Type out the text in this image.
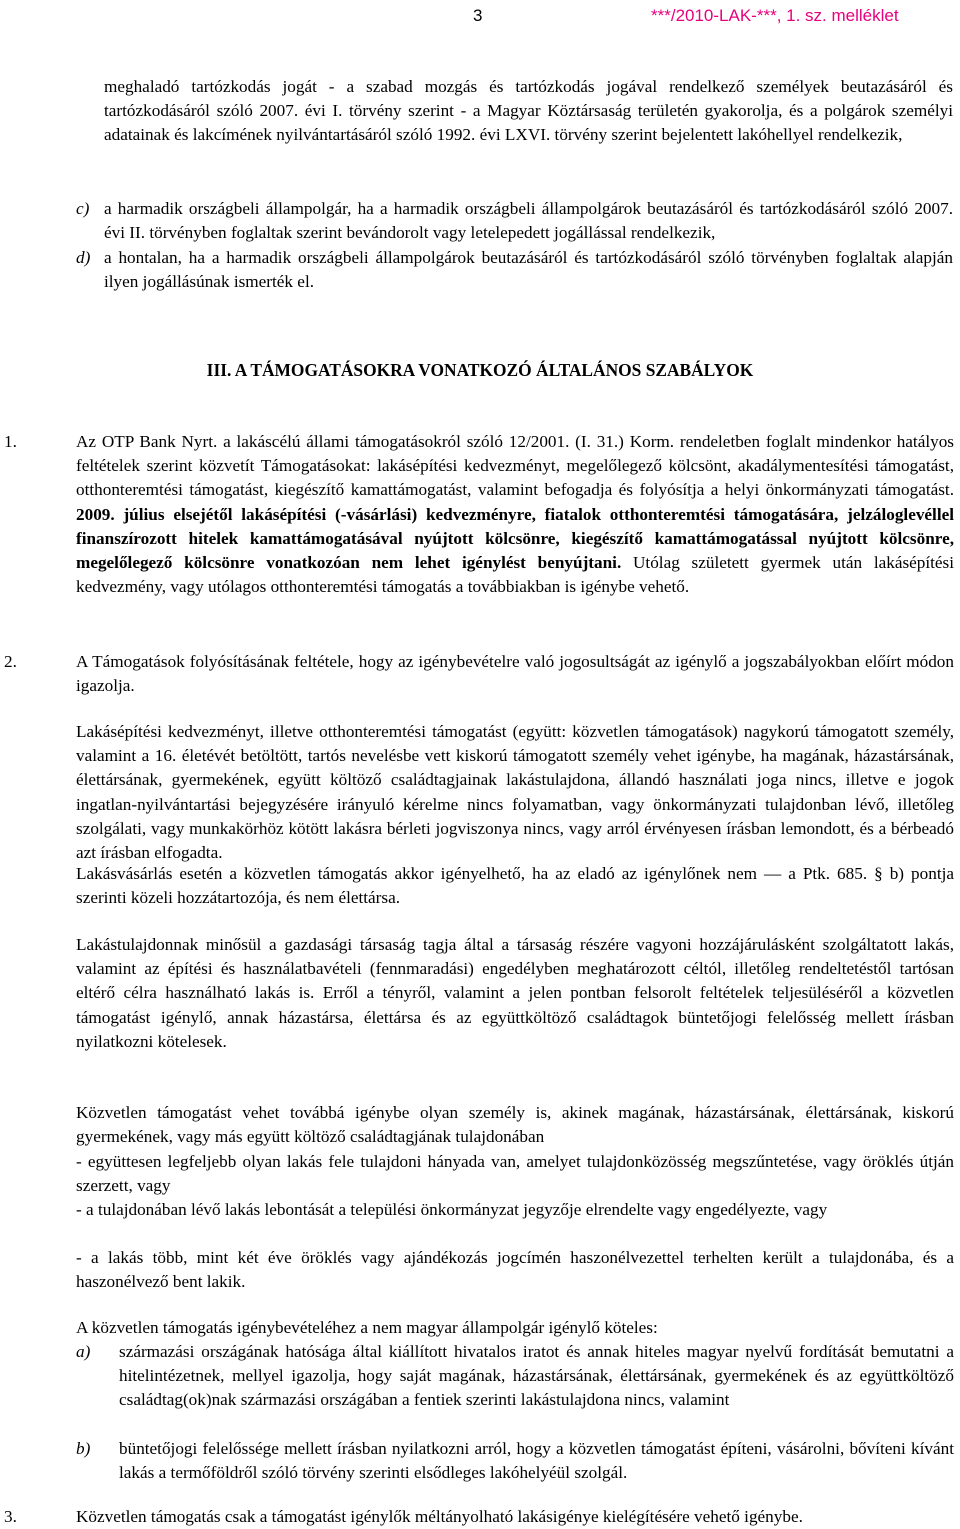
3	***/2010-LAK-***, 1. sz. melléklet
meghaladó tartózkodás jogát - a szabad mozgás és tartózkodás jogával rendelkező személyek beutazásáról és tartózkodásáról szóló 2007. évi I. törvény szerint - a Magyar Köztársaság területén gyakorolja, és a polgárok személyi adatainak és lakcímének nyilvántartásáról szóló 1992. évi LXVI. törvény szerint bejelentett lakóhellyel rendelkezik,
c) a harmadik országbeli állampolgár, ha a harmadik országbeli állampolgárok beutazásáról és tartózkodásáról szóló 2007. évi II. törvényben foglaltak szerint bevándorolt vagy letelepedett jogállással rendelkezik,
d) a hontalan, ha a harmadik országbeli állampolgárok beutazásáról és tartózkodásáról szóló törvényben foglaltak alapján ilyen jogállásúnak ismerték el.
III. A TÁMOGATÁSOKRA VONATKOZÓ ÁLTALÁNOS SZABÁLYOK
1.	Az OTP Bank Nyrt. a lakáscélú állami támogatásokról szóló 12/2001. (I. 31.) Korm. rendeletben foglalt mindenkor hatályos feltételek szerint közvetít Támogatásokat: lakásépítési kedvezményt, megelőlegező kölcsönt, akadálymentesítési támogatást, otthonteremtési támogatást, kiegészítő kamattámogatást, valamint befogadja és folyósítja a helyi önkormányzati támogatást. 2009. július elsejétől lakásépítési (-vásárlási) kedvezményre, fiatalok otthonteremtési támogatására, jelzáloglevéllel finanszírozott hitelek kamattámogatásával nyújtott kölcsönre, kiegészítő kamattámogatással nyújtott kölcsönre, megelőlegező kölcsönre vonatkozóan nem lehet igénylést benyújtani. Utólag született gyermek után lakásépítési kedvezmény, vagy utólagos otthonteremtési támogatás a továbbiakban is igénybe vehető.
2.	A Támogatások folyósításának feltétele, hogy az igénybevételre való jogosultságát az igénylő a jogszabályokban előírt módon igazolja.
Lakásépítési kedvezményt, illetve otthonteremtési támogatást (együtt: közvetlen támogatások) nagykorú támogatott személy, valamint a 16. életévét betöltött, tartós nevelésbe vett kiskorú támogatott személy vehet igénybe, ha magának, házastársának, élettársának, gyermekének, együtt költöző családtagjainak lakástulajdona, állandó használati joga nincs, illetve e jogok ingatlan-nyilvántartási bejegyzésére irányuló kérelme nincs folyamatban, vagy önkormányzati tulajdonban lévő, illetőleg szolgálati, vagy munkakörhöz kötött lakásra bérleti jogviszonya nincs, vagy arról érvényesen írásban lemondott, és a bérbeadó azt írásban elfogadta.
Lakásvásárlás esetén a közvetlen támogatás akkor igényelhető, ha az eladó az igénylőnek nem — a Ptk. 685. § b) pontja szerinti közeli hozzátartozója, és nem élettársa.
Lakástulajdonnak minősül a gazdasági társaság tagja által a társaság részére vagyoni hozzájárulásként szolgáltatott lakás, valamint az építési és használatbavételi (fennmaradási) engedélyben meghatározott céltól, illetőleg rendeltetéstől tartósan eltérő célra használható lakás is. Erről a tényről, valamint a jelen pontban felsorolt feltételek teljesüléséről a közvetlen támogatást igénylő, annak házastársa, élettársa és az együttköltöző családtagok büntetőjogi felelősség mellett írásban nyilatkozni kötelesek.
Közvetlen támogatást vehet továbbá igénybe olyan személy is, akinek magának, házastársának, élettársának, kiskorú gyermekének, vagy más együtt költöző családtagjának tulajdonában
- együttesen legfeljebb olyan lakás fele tulajdoni hányada van, amelyet tulajdonközösség megszűntetése, vagy öröklés útján szerzett, vagy
- a tulajdonában lévő lakás lebontását a települési önkormányzat jegyzője elrendelte vagy engedélyezte, vagy
- a lakás több, mint két éve öröklés vagy ajándékozás jogcímén haszonélvezettel terhelten került a tulajdonába, és a haszonélvező bent lakik.
A közvetlen támogatás igénybevételéhez a nem magyar állampolgár igénylő köteles:
a) származási országának hatósága által kiállított hivatalos iratot és annak hiteles magyar nyelvű fordítását bemutatni a hitelintézetnek, mellyel igazolja, hogy saját magának, házastársának, élettársának, gyermekének és az együttköltöző családtag(ok)nak származási országában a fentiek szerinti lakástulajdona nincs, valamint
b) büntetőjogi felelőssége mellett írásban nyilatkozni arról, hogy a közvetlen támogatást építeni, vásárolni, bővíteni kívánt lakás a termőföldről szóló törvény szerinti elsődleges lakóhelyéül szolgál.
3.	Közvetlen támogatás csak a támogatást igénylők méltányolható lakásigénye kielégítésére vehető igénybe.
